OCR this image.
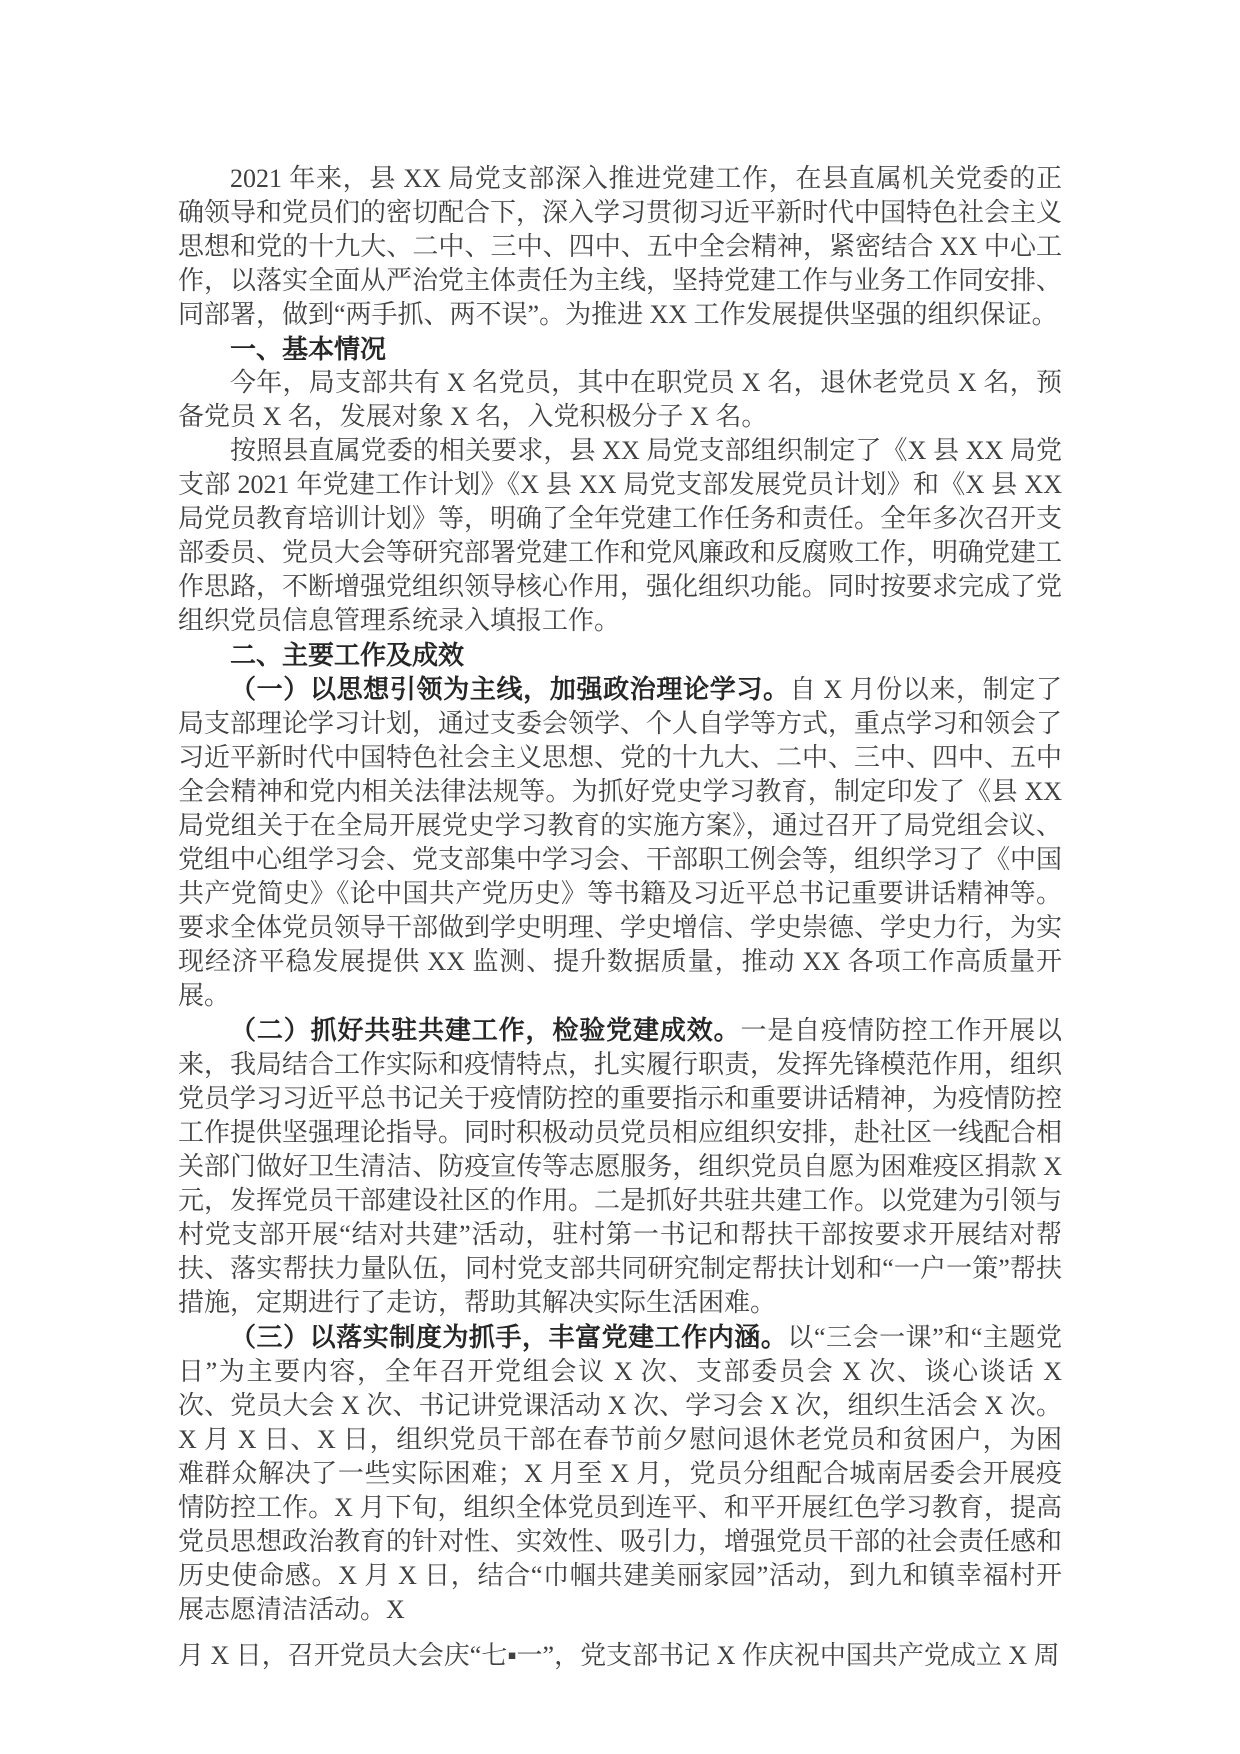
2021 年来，县 XX 局党支部深入推进党建工作，在县直属机关党委的正确领导和党员们的密切配合下，深入学习贯彻习近平新时代中国特色社会主义思想和党的十九大、二中、三中、四中、五中全会精神，紧密结合 XX 中心工作，以落实全面从严治党主体责任为主线，坚持党建工作与业务工作同安排、同部署，做到“两手抓、两不误”。为推进 XX 工作发展提供坚强的组织保证。

一、基本情况

今年，局支部共有 X 名党员，其中在职党员 X 名，退休老党员 X 名，预备党员 X 名，发展对象 X 名，入党积极分子 X 名。

按照县直属党委的相关要求，县 XX 局党支部组织制定了《X 县 XX 局党支部 2021 年党建工作计划》《X 县 XX 局党支部发展党员计划》和《X 县 XX 局党员教育培训计划》等，明确了全年党建工作任务和责任。全年多次召开支部委员、党员大会等研究部署党建工作和党风廉政和反腐败工作，明确党建工作思路，不断增强党组织领导核心作用，强化组织功能。同时按要求完成了党组织党员信息管理系统录入填报工作。

二、主要工作及成效

（一）以思想引领为主线，加强政治理论学习。自 X 月份以来，制定了局支部理论学习计划，通过支委会领学、个人自学等方式，重点学习和领会了习近平新时代中国特色社会主义思想、党的十九大、二中、三中、四中、五中全会精神和党内相关法律法规等。为抓好党史学习教育，制定印发了《县 XX 局党组关于在全局开展党史学习教育的实施方案》，通过召开了局党组会议、党组中心组学习会、党支部集中学习会、干部职工例会等，组织学习了《中国共产党简史》《论中国共产党历史》等书籍及习近平总书记重要讲话精神等。要求全体党员领导干部做到学史明理、学史增信、学史崇德、学史力行，为实现经济平稳发展提供 XX 监测、提升数据质量，推动 XX 各项工作高质量开展。

（二）抓好共驻共建工作，检验党建成效。一是自疫情防控工作开展以来，我局结合工作实际和疫情特点，扎实履行职责，发挥先锋模范作用，组织党员学习习近平总书记关于疫情防控的重要指示和重要讲话精神，为疫情防控工作提供坚强理论指导。同时积极动员党员相应组织安排，赴社区一线配合相关部门做好卫生清洁、防疫宣传等志愿服务，组织党员自愿为困难疫区捐款 X 元，发挥党员干部建设社区的作用。二是抓好共驻共建工作。以党建为引领与村党支部开展“结对共建”活动，驻村第一书记和帮扶干部按要求开展结对帮扶、落实帮扶力量队伍，同村党支部共同研究制定帮扶计划和“一户一策”帮扶措施，定期进行了走访，帮助其解决实际生活困难。

（三）以落实制度为抓手，丰富党建工作内涵。以“三会一课”和“主题党日”为主要内容，全年召开党组会议 X 次、支部委员会 X 次、谈心谈话 X 次、党员大会 X 次、书记讲党课活动 X 次、学习会 X 次，组织生活会 X 次。X 月 X 日、X 日，组织党员干部在春节前夕慰问退休老党员和贫困户，为困难群众解决了一些实际困难；X 月至 X 月，党员分组配合城南居委会开展疫情防控工作。X 月下旬，组织全体党员到连平、和平开展红色学习教育，提高党员思想政治教育的针对性、实效性、吸引力，增强党员干部的社会责任感和历史使命感。X 月 X 日，结合“巾帼共建美丽家园”活动，到九和镇幸福村开展志愿清洁活动。X

月 X 日，召开党员大会庆“七▪一”，党支部书记 X 作庆祝中国共产党成立 X 周
